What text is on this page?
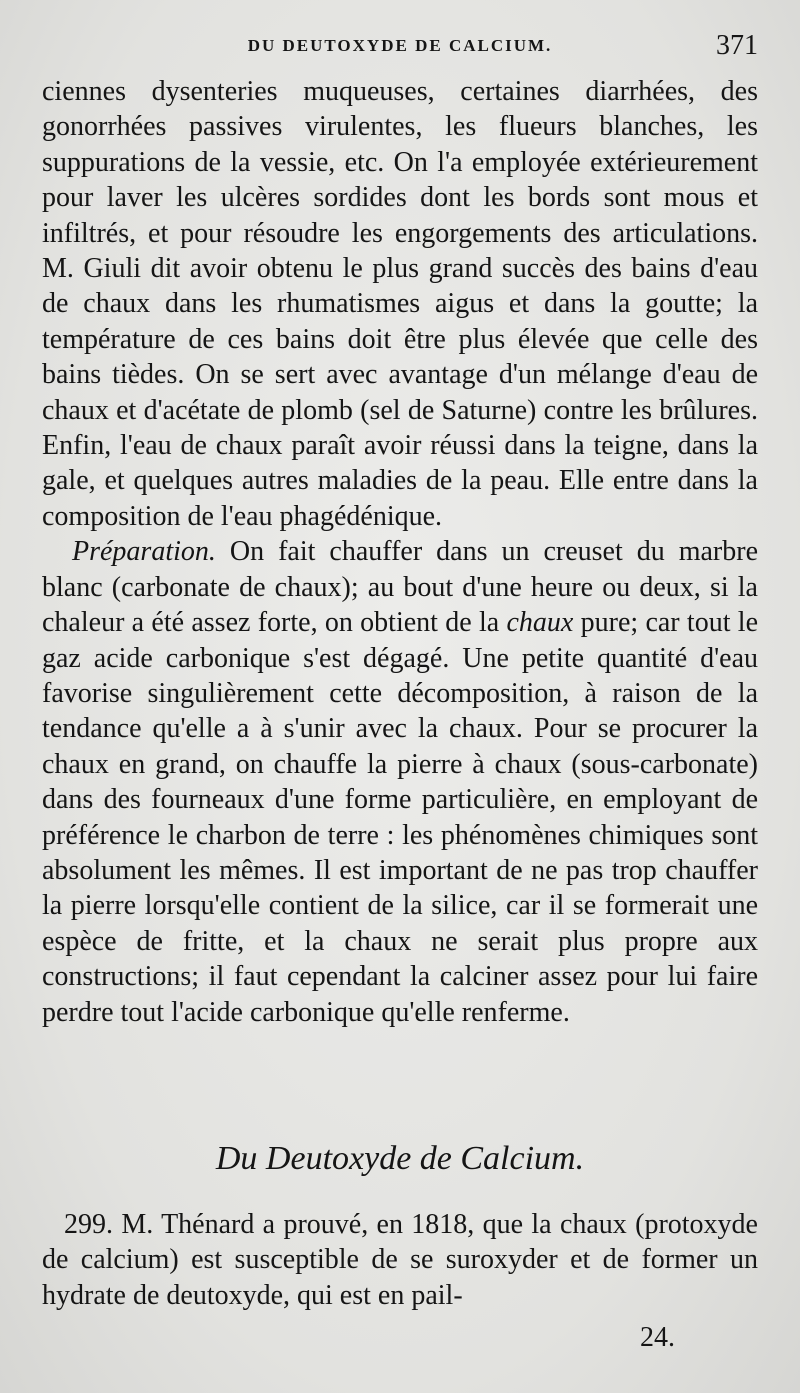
DU DEUTOXYDE DE CALCIUM.	371

ciennes dysenteries muqueuses, certaines diarrhées, des gonorrhées passives virulentes, les flueurs blanches, les suppurations de la vessie, etc. On l'a employée extérieurement pour laver les ulcères sordides dont les bords sont mous et infiltrés, et pour résoudre les engorgements des articulations. M. Giuli dit avoir obtenu le plus grand succès des bains d'eau de chaux dans les rhumatismes aigus et dans la goutte; la température de ces bains doit être plus élevée que celle des bains tièdes. On se sert avec avantage d'un mélange d'eau de chaux et d'acétate de plomb (sel de Saturne) contre les brûlures. Enfin, l'eau de chaux paraît avoir réussi dans la teigne, dans la gale, et quelques autres maladies de la peau. Elle entre dans la composition de l'eau phagédénique.

Préparation. On fait chauffer dans un creuset du marbre blanc (carbonate de chaux); au bout d'une heure ou deux, si la chaleur a été assez forte, on obtient de la chaux pure; car tout le gaz acide carbonique s'est dégagé. Une petite quantité d'eau favorise singulièrement cette décomposition, à raison de la tendance qu'elle a à s'unir avec la chaux. Pour se procurer la chaux en grand, on chauffe la pierre à chaux (sous-carbonate) dans des fourneaux d'une forme particulière, en employant de préférence le charbon de terre : les phénomènes chimiques sont absolument les mêmes. Il est important de ne pas trop chauffer la pierre lorsqu'elle contient de la silice, car il se formerait une espèce de fritte, et la chaux ne serait plus propre aux constructions; il faut cependant la calciner assez pour lui faire perdre tout l'acide carbonique qu'elle renferme.

Du Deutoxyde de Calcium.

299. M. Thénard a prouvé, en 1818, que la chaux (protoxyde de calcium) est susceptible de se suroxyder et de former un hydrate de deutoxyde, qui est en pail-

24.
